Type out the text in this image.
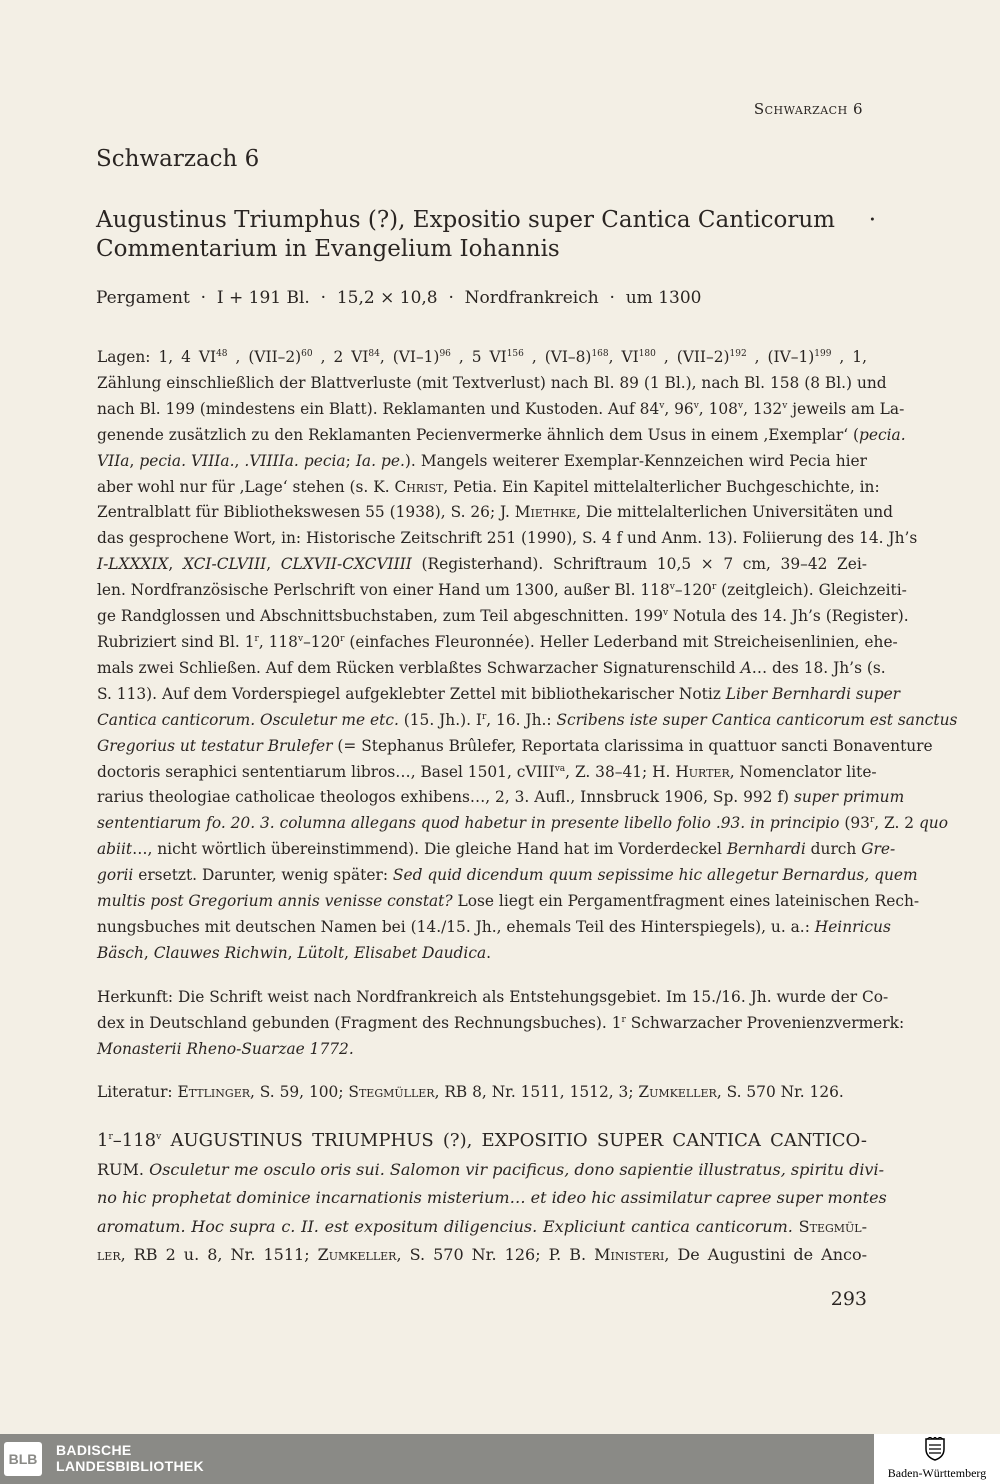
Schwarzach 6
Schwarzach 6
Augustinus Triumphus (?), Expositio super Cantica Canticorum ·
Commentarium in Evangelium Iohannis
Pergament · I + 191 Bl. · 15,2 × 10,8 · Nordfrankreich · um 1300
Lagen: 1, 4 VI$^{48}$ , $(VII-2)^{60}$ , 2 VI$^{84}$, $(VI-1)^{96}$ , 5 VI$^{156}$ , $(VI-8)^{168}$, VI$^{180}$ , $(VII-2)^{192}$ , $(IV-1)^{199}$ , 1,
Zählung einschließlich der Blattverluste (mit Textverlust) nach Bl. 89 (1 Bl.), nach Bl. 158 (8 Bl.) und
nach Bl. 199 (mindestens ein Blatt). Reklamanten und Kustoden. Auf 84$^v$, 96$^v$, 108$^v$, 132$^v$ jeweils am La-
genende zusätzlich zu den Reklamanten Pecienvermerke ähnlich dem Usus in einem ‚Exemplar‘ (pecia.
VIIa, pecia. VIIIa., .VIIIIa. pecia; Ia. pe.). Mangels weiterer Exemplar-Kennzeichen wird Pecia hier
aber wohl nur für ‚Lage‘ stehen (s. K. Christ, Petia. Ein Kapitel mittelalterlicher Buchgeschichte, in:
Zentralblatt für Bibliothekswesen 55 (1938), S. 26; J. Miethke, Die mittelalterlichen Universitäten und
das gesprochene Wort, in: Historische Zeitschrift 251 (1990), S. 4 f und Anm. 13). Foliierung des 14. Jh’s
I-LXXXIX, XCI-CLVIII, CLXVII-CXCVIIII (Registerhand). Schriftraum 10,5 × 7 cm, 39–42 Zei-
len. Nordfranzösische Perlschrift von einer Hand um 1300, außer Bl. 118$^v$–120$^r$ (zeitgleich). Gleichzeiti-
ge Randglossen und Abschnittsbuchstaben, zum Teil abgeschnitten. 199$^v$ Notula des 14. Jh’s (Register).
Rubriziert sind Bl. 1$^r$, 118$^v$–120$^r$ (einfaches Fleuronnée). Heller Lederband mit Streicheisenlinien, ehe-
mals zwei Schließen. Auf dem Rücken verblaßtes Schwarzacher Signaturenschild A… des 18. Jh’s (s.
S. 113). Auf dem Vorderspiegel aufgeklebter Zettel mit bibliothekarischer Notiz Liber Bernhardi super
Cantica canticorum. Osculetur me etc. (15. Jh.). $I^r$, 16. Jh.: Scribens iste super Cantica canticorum est sanctus
Gregorius ut testatur Brulefer (= Stephanus Brûlefer, Reportata clarissima in quattuor sancti Bonaventure
doctoris seraphici sententiarum libros…, Basel 1501, cVIII$^{va}$, Z. 38–41; H. Hurter, Nomenclator lite-
rarius theologiae catholicae theologos exhibens…, 2, 3. Aufl., Innsbruck 1906, Sp. 992 f) super primum
sententiarum fo. 20. 3. columna allegans quod habetur in presente libello folio .93. in principio (93$^r$, Z. 2 quo
abiit…, nicht wörtlich übereinstimmend). Die gleiche Hand hat im Vorderdeckel Bernhardi durch Gre-
gorii ersetzt. Darunter, wenig später: Sed quid dicendum quum sepissime hic allegetur Bernardus, quem
multis post Gregorium annis venisse constat? Lose liegt ein Pergamentfragment eines lateinischen Rech-
nungsbuches mit deutschen Namen bei (14./15. Jh., ehemals Teil des Hinterspiegels), u. a.: Heinricus
Bäsch, Clauwes Richwin, Lütolt, Elisabet Daudica.
Herkunft: Die Schrift weist nach Nordfrankreich als Entstehungsgebiet. Im 15./16. Jh. wurde der Co-
dex in Deutschland gebunden (Fragment des Rechnungsbuches). 1$^r$ Schwarzacher Provenienzvermerk:
Monasterii Rheno-Suarzae 1772.
Literatur: Ettlinger, S. 59, 100; Stegmüller, RB 8, Nr. 1511, 1512, 3; Zumkeller, S. 570 Nr. 126.
1$^r$–118$^v$ AUGUSTINUS TRIUMPHUS (?), EXPOSITIO SUPER CANTICA CANTICO-
RUM. Osculetur me osculo oris sui. Salomon vir pacificus, dono sapientie illustratus, spiritu divi-
no hic prophetat dominice incarnationis misterium… et ideo hic assimilatur capree super montes
aromatum. Hoc supra c. II. est expositum diligencius. Expliciunt cantica canticorum. Stegmül-
ler, RB 2 u. 8, Nr. 1511; Zumkeller, S. 570 Nr. 126; P. B. Ministeri, De Augustini de Anco-
293
BLB
BADISCHE
LANDESBIBLIOTHEK	Baden-Württemberg
